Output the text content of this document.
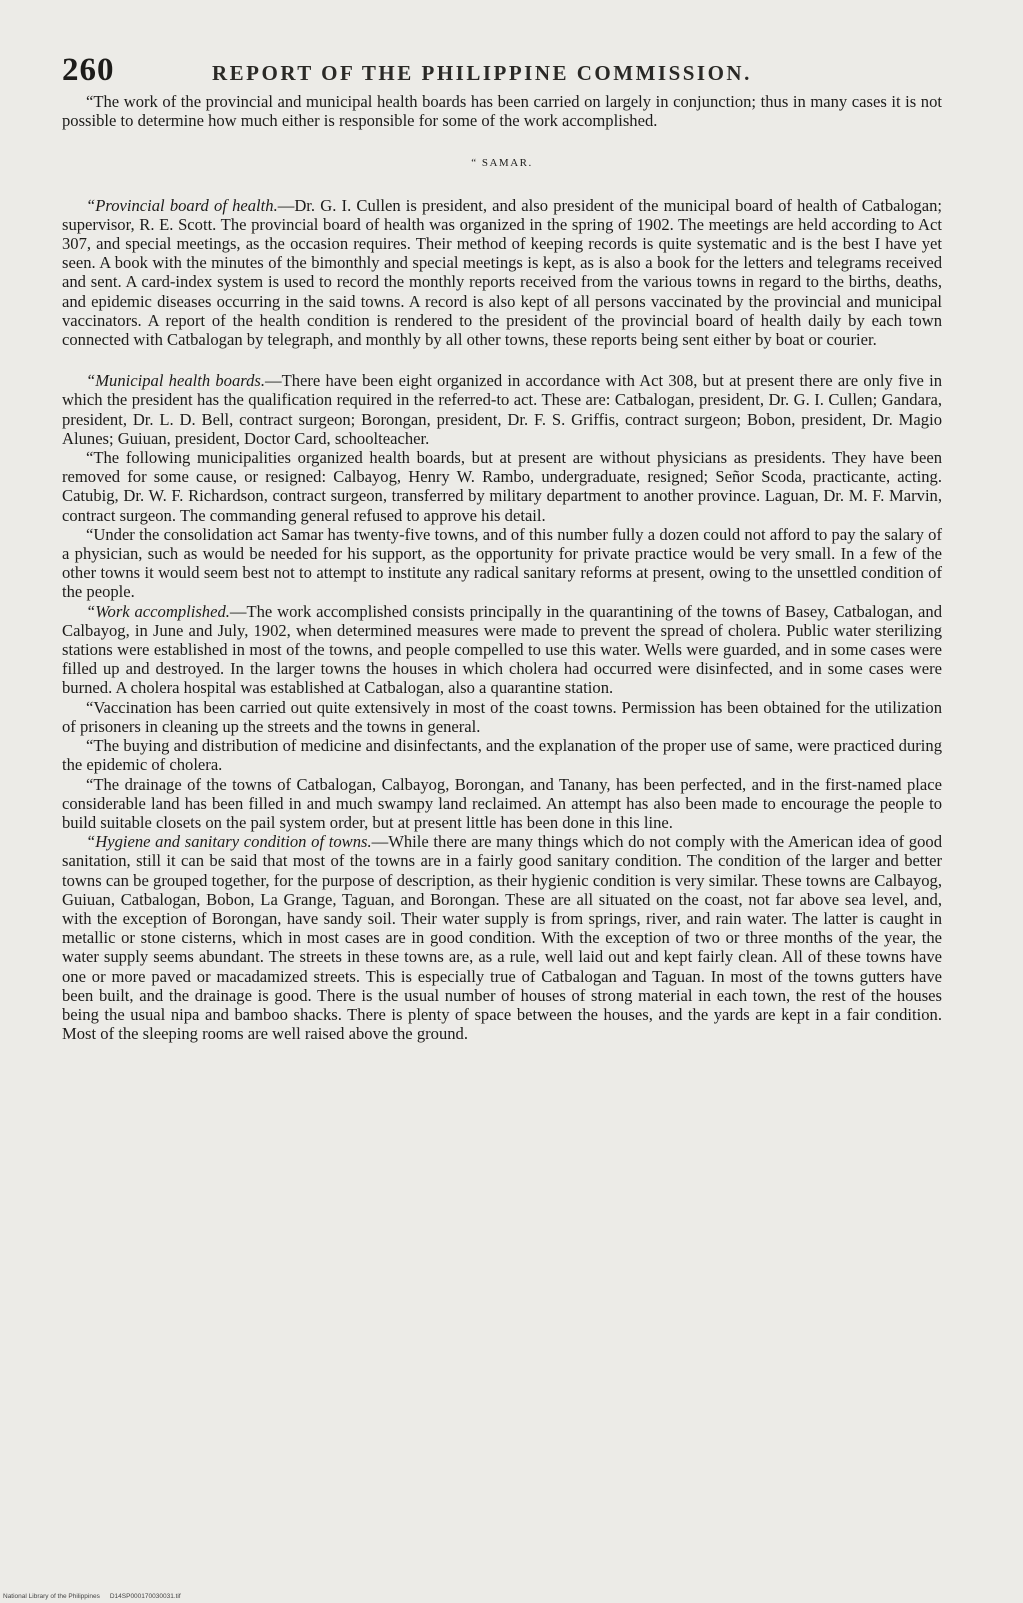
260	REPORT OF THE PHILIPPINE COMMISSION.

“The work of the provincial and municipal health boards has been carried on largely in conjunction; thus in many cases it is not possible to determine how much either is responsible for some of the work accomplished.

“ SAMAR.

“Provincial board of health.—Dr. G. I. Cullen is president, and also president of the municipal board of health of Catbalogan; supervisor, R. E. Scott. The provincial board of health was organized in the spring of 1902. The meetings are held according to Act 307, and special meetings, as the occasion requires. Their method of keeping records is quite systematic and is the best I have yet seen. A book with the minutes of the bimonthly and special meetings is kept, as is also a book for the letters and telegrams received and sent. A card-index system is used to record the monthly reports received from the various towns in regard to the births, deaths, and epidemic diseases occurring in the said towns. A record is also kept of all persons vaccinated by the provincial and municipal vaccinators. A report of the health condition is rendered to the president of the provincial board of health daily by each town connected with Catbalogan by telegraph, and monthly by all other towns, these reports being sent either by boat or courier.

“Municipal health boards.—There have been eight organized in accordance with Act 308, but at present there are only five in which the president has the qualification required in the referred-to act. These are: Catbalogan, president, Dr. G. I. Cullen; Gandara, president, Dr. L. D. Bell, contract surgeon; Borongan, president, Dr. F. S. Griffis, contract surgeon; Bobon, president, Dr. Magio Alunes; Guiuan, president, Doctor Card, schoolteacher.

“The following municipalities organized health boards, but at present are without physicians as presidents. They have been removed for some cause, or resigned: Calbayog, Henry W. Rambo, undergraduate, resigned; Señor Scoda, practicante, acting. Catubig, Dr. W. F. Richardson, contract surgeon, transferred by military department to another province. Laguan, Dr. M. F. Marvin, contract surgeon. The commanding general refused to approve his detail.

“Under the consolidation act Samar has twenty-five towns, and of this number fully a dozen could not afford to pay the salary of a physician, such as would be needed for his support, as the opportunity for private practice would be very small. In a few of the other towns it would seem best not to attempt to institute any radical sanitary reforms at present, owing to the unsettled condition of the people.

“Work accomplished.—The work accomplished consists principally in the quarantining of the towns of Basey, Catbalogan, and Calbayog, in June and July, 1902, when determined measures were made to prevent the spread of cholera. Public water sterilizing stations were established in most of the towns, and people compelled to use this water. Wells were guarded, and in some cases were filled up and destroyed. In the larger towns the houses in which cholera had occurred were disinfected, and in some cases were burned. A cholera hospital was established at Catbalogan, also a quarantine station.

“Vaccination has been carried out quite extensively in most of the coast towns. Permission has been obtained for the utilization of prisoners in cleaning up the streets and the towns in general.

“The buying and distribution of medicine and disinfectants, and the explanation of the proper use of same, were practiced during the epidemic of cholera.

“The drainage of the towns of Catbalogan, Calbayog, Borongan, and Tanany, has been perfected, and in the first-named place considerable land has been filled in and much swampy land reclaimed. An attempt has also been made to encourage the people to build suitable closets on the pail system order, but at present little has been done in this line.

“Hygiene and sanitary condition of towns.—While there are many things which do not comply with the American idea of good sanitation, still it can be said that most of the towns are in a fairly good sanitary condition. The condition of the larger and better towns can be grouped together, for the purpose of description, as their hygienic condition is very similar. These towns are Calbayog, Guiuan, Catbalogan, Bobon, La Grange, Taguan, and Borongan. These are all situated on the coast, not far above sea level, and, with the exception of Borongan, have sandy soil. Their water supply is from springs, river, and rain water. The latter is caught in metallic or stone cisterns, which in most cases are in good condition. With the exception of two or three months of the year, the water supply seems abundant. The streets in these towns are, as a rule, well laid out and kept fairly clean. All of these towns have one or more paved or macadamized streets. This is especially true of Catbalogan and Taguan. In most of the towns gutters have been built, and the drainage is good. There is the usual number of houses of strong material in each town, the rest of the houses being the usual nipa and bamboo shacks. There is plenty of space between the houses, and the yards are kept in a fair condition. Most of the sleeping rooms are well raised above the ground.

National Library of the Philippines D14SP000170030031.tif
